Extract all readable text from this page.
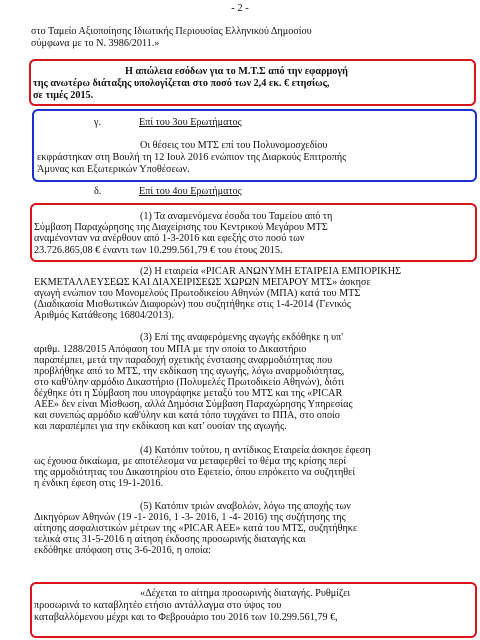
- 2 -
στο Ταμείο Αξιοποίησης Ιδιωτικής Περιουσίας Ελληνικού Δημοσίου
σύμφωνα με το Ν. 3986/2011.»
Η απώλεια εσόδων για το Μ.Τ.Σ από την εφαρμογή
της ανωτέρω διάταξης υπολογίζεται στο ποσό των 2,4 εκ. € ετησίως,
σε τιμές 2015.
γ.	Επί του 3ου Ερωτήματος
Οι θέσεις του ΜΤΣ επί του Πολυνομοσχεδίου
εκφράστηκαν στη Βουλή τη 12 Ιουλ 2016 ενώπιον της Διαρκούς Επιτροπής
Άμυνας και Εξωτερικών Υποθέσεων.
δ.	Επί του 4ου Ερωτήματος
(1) Τα αναμενόμενα έσοδα του Ταμείου από τη
Σύμβαση Παραχώρησης της Διαχείρισης του Κεντρικού Μεγάρου ΜΤΣ
αναμένονταν να ανέρθουν από 1-3-2016 και εφεξής στο ποσό των
23.726.865,08 € έναντι των 10.299.561,79 € του έτους 2015.
(2) Η εταιρεία «PICAR ΑΝΩΝΥΜΗ ΕΤΑΙΡΕΙΑ ΕΜΠΟΡΙΚΗΣ
ΕΚΜΕΤΑΛΛΕΥΣΕΩΣ ΚΑΙ ΔΙΑΧΕΙΡΙΣΕΩΣ ΧΩΡΩΝ ΜΕΓΑΡΟΥ ΜΤΣ» άσκησε
αγωγή ενώπιον του Μονομελούς Πρωτοδικείου Αθηνών (ΜΠΑ) κατά του ΜΤΣ
(Διαδικασία Μισθωτικών Διαφορών) που συζητήθηκε στις 1-4-2014 (Γενικός
Αριθμός Κατάθεσης 16804/2013).
(3) Επί της αναφερόμενης αγωγής εκδόθηκε η υπ'
αριθμ. 1288/2015 Απόφαση του ΜΠΑ με την οποία το Δικαστήριο
παραπέμπει, μετά την παραδοχή σχετικής ένστασης αναρμοδιότητας που
προβλήθηκε από το ΜΤΣ, την εκδίκαση της αγωγής, λόγω αναρμοδιότητας,
στο καθ'ύλην αρμόδιο Δικαστήριο (Πολυμελές Πρωτοδικείο Αθηνών), διότι
δέχθηκε ότι η Σύμβαση που υπογράφηκε μεταξύ του ΜΤΣ και της «PICAR
ΑΕΕ» δεν είναι Μίσθωση, αλλά Δημόσια Σύμβαση Παραχώρησης Υπηρεσίας
και συνεπώς αρμόδιο καθ'ύλην και κατά τόπο τυγχάνει το ΠΠΑ, στο οποίο
και παραπέμπει για την εκδίκαση και κατ' ουσίαν της αγωγής.
(4) Κατόπιν τούτου, η αντίδικος Εταιρεία άσκησε έφεση
ως έχουσα δικαίωμα, με αποτέλεσμα να μεταφερθεί το θέμα της κρίσης περί
της αρμοδιότητας του Δικαστηρίου στο Εφετείο, όπου επρόκειτο να συζητηθεί
η ένδικη έφεση στις 19-1-2016.
(5) Κατόπιν τριών αναβολών, λόγω της αποχής των
Δικηγόρων Αθηνών (19 -1- 2016, 1 -3- 2016, 1 -4- 2016) της συζήτησης της
αίτησης ασφαλιστικών μέτρων της «PICAR AEE» κατά του ΜΤΣ, συζητήθηκε
τελικά στις 31-5-2016 η αίτηση έκδοσης προσωρινής διαταγής και
εκδόθηκε απόφαση στις 3-6-2016, η οποία:
«Δέχεται το αίτημα προσωρινής διαταγής. Ρυθμίζει
προσωρινά το καταβλητέο ετήσιο αντάλλαγμα στο ύψος του
καταβαλλόμενου μέχρι και το Φεβρουάριο του 2016 των 10.299.561,79 €,
